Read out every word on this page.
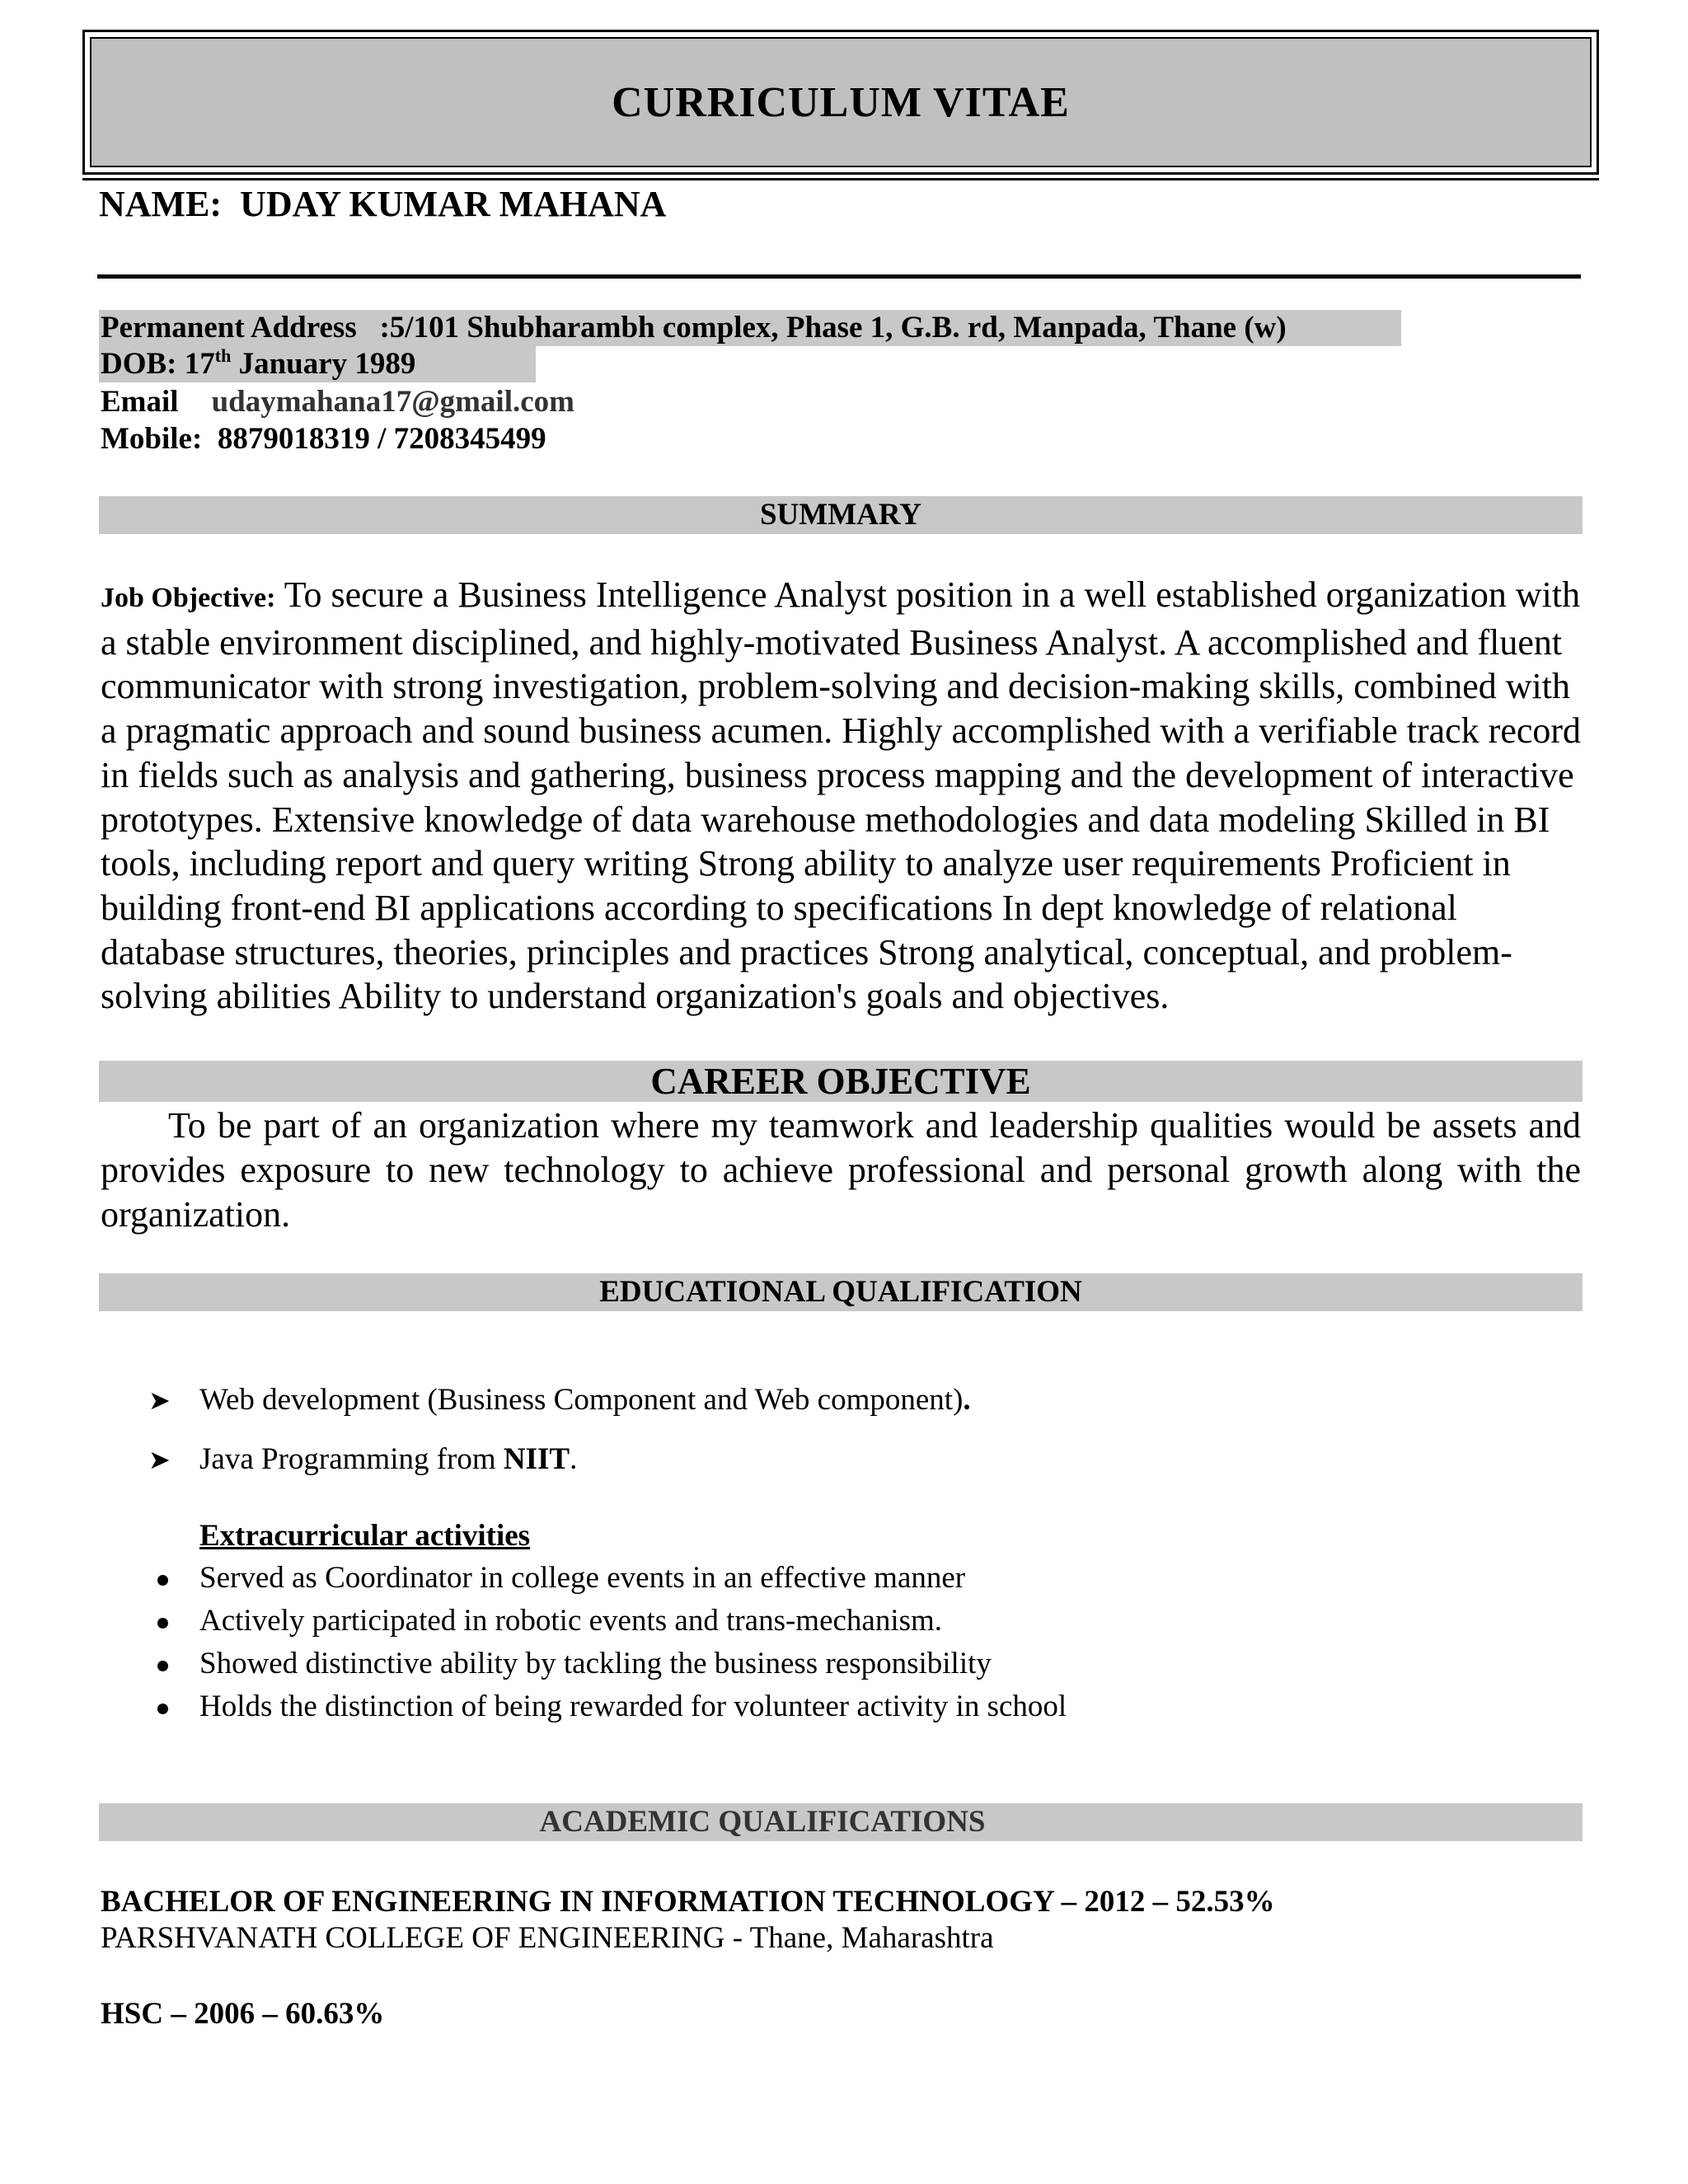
CURRICULUM VITAE
NAME: UDAY KUMAR MAHANA
Permanent Address :5/101 Shubharambh complex, Phase 1, G.B. rd, Manpada, Thane (w)
DOB: 17th January 1989
Email udaymahana17@gmail.com
Mobile: 8879018319 / 7208345499
SUMMARY
Job Objective: To secure a Business Intelligence Analyst position in a well established organization with a stable environment disciplined, and highly-motivated Business Analyst. A accomplished and fluent communicator with strong investigation, problem-solving and decision-making skills, combined with a pragmatic approach and sound business acumen. Highly accomplished with a verifiable track record in fields such as analysis and gathering, business process mapping and the development of interactive prototypes. Extensive knowledge of data warehouse methodologies and data modeling Skilled in BI tools, including report and query writing Strong ability to analyze user requirements Proficient in building front-end BI applications according to specifications In dept knowledge of relational database structures, theories, principles and practices Strong analytical, conceptual, and problem-solving abilities Ability to understand organization's goals and objectives.
CAREER OBJECTIVE
To be part of an organization where my teamwork and leadership qualities would be assets and provides exposure to new technology to achieve professional and personal growth along with the organization.
EDUCATIONAL QUALIFICATION
➤ Web development (Business Component and Web component).
➤ Java Programming from NIIT.
Extracurricular activities
Served as Coordinator in college events in an effective manner
Actively participated in robotic events and trans-mechanism.
Showed distinctive ability by tackling the business responsibility
Holds the distinction of being rewarded for volunteer activity in school
ACADEMIC QUALIFICATIONS
BACHELOR OF ENGINEERING IN INFORMATION TECHNOLOGY – 2012 – 52.53%
PARSHVANATH COLLEGE OF ENGINEERING - Thane, Maharashtra
HSC – 2006 – 60.63%
